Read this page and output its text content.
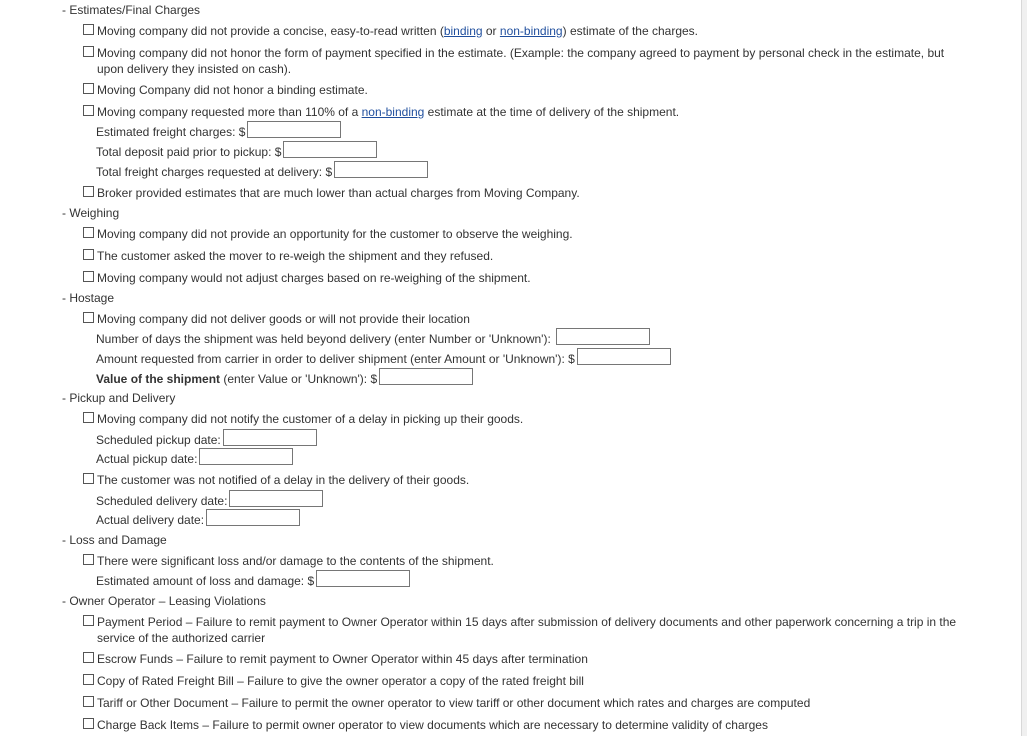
- Estimates/Final Charges
Moving company did not provide a concise, easy-to-read written (binding or non-binding) estimate of the charges.
Moving company did not honor the form of payment specified in the estimate. (Example: the company agreed to payment by personal check in the estimate, but upon delivery they insisted on cash).
Moving Company did not honor a binding estimate.
Moving company requested more than 110% of a non-binding estimate at the time of delivery of the shipment.
Estimated freight charges: $
Total deposit paid prior to pickup: $
Total freight charges requested at delivery: $
Broker provided estimates that are much lower than actual charges from Moving Company.
- Weighing
Moving company did not provide an opportunity for the customer to observe the weighing.
The customer asked the mover to re-weigh the shipment and they refused.
Moving company would not adjust charges based on re-weighing of the shipment.
- Hostage
Moving company did not deliver goods or will not provide their location
Number of days the shipment was held beyond delivery (enter Number or 'Unknown'):
Amount requested from carrier in order to deliver shipment (enter Amount or 'Unknown'): $
Value of the shipment (enter Value or 'Unknown'): $
- Pickup and Delivery
Moving company did not notify the customer of a delay in picking up their goods.
Scheduled pickup date:
Actual pickup date:
The customer was not notified of a delay in the delivery of their goods.
Scheduled delivery date:
Actual delivery date:
- Loss and Damage
There were significant loss and/or damage to the contents of the shipment.
Estimated amount of loss and damage: $
- Owner Operator – Leasing Violations
Payment Period – Failure to remit payment to Owner Operator within 15 days after submission of delivery documents and other paperwork concerning a trip in the service of the authorized carrier
Escrow Funds – Failure to remit payment to Owner Operator within 45 days after termination
Copy of Rated Freight Bill – Failure to give the owner operator a copy of the rated freight bill
Tariff or Other Document – Failure to permit the owner operator to view tariff or other document which rates and charges are computed
Charge Back Items – Failure to permit owner operator to view documents which are necessary to determine validity of charges
